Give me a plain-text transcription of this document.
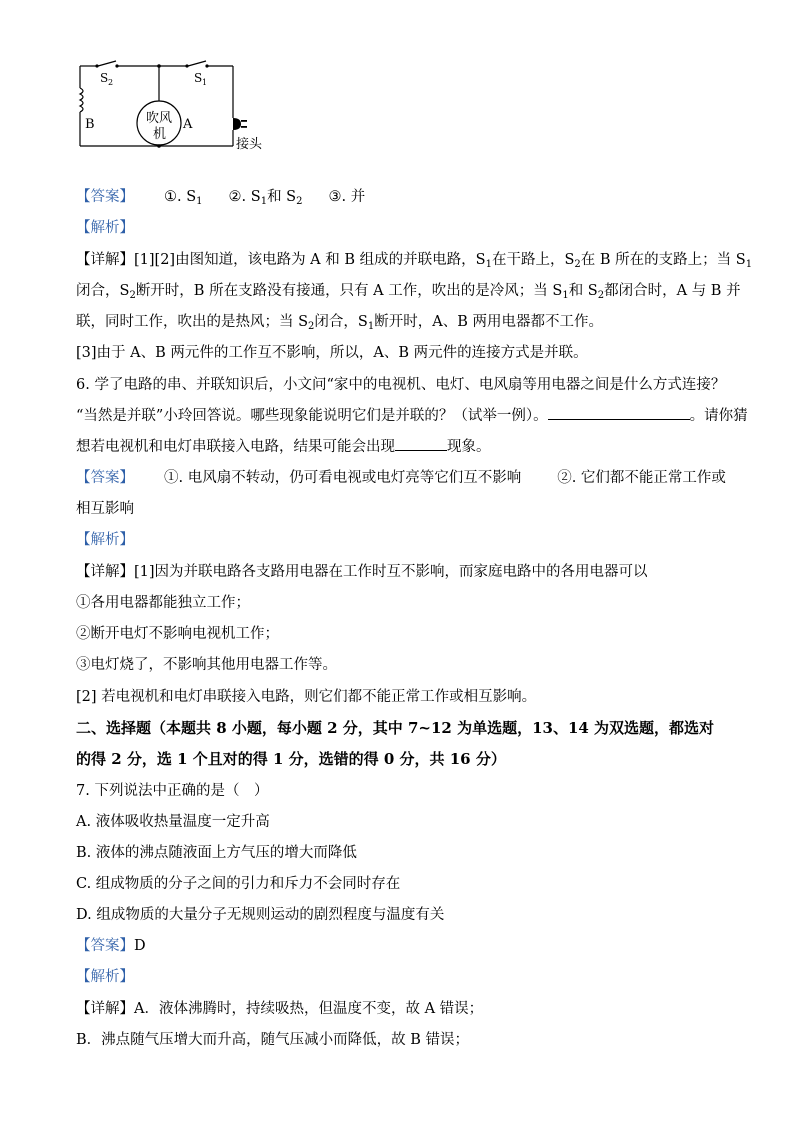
S 2	S 1
B	吹风
机
A
接头
【答案】 ①. $S_1$ ②. $S_1$和 $S_2$ ③. 并
【解析】
【详解】[1][2]由图知道，该电路为 A 和 B 组成的并联电路，$S_1$在干路上，$S_2$在 B 所在的支路上；当 $S_1$
闭合，$S_2$断开时，B 所在支路没有接通，只有 A 工作，吹出的是冷风；当 $S_1$和 $S_2$都闭合时，A 与 B 并
联，同时工作，吹出的是热风；当 $S_2$闭合，$S_1$断开时，A、B 两用电器都不工作。
[3]由于 A、B 两元件的工作互不影响，所以，A、B 两元件的连接方式是并联。
6. 学了电路的串、并联知识后，小文问“家中的电视机、电灯、电风扇等用电器之间是什么方式连接？
“当然是并联”小玲回答说。哪些现象能说明它们是并联的？（试举一例）。	。请你猜
想若电视机和电灯串联接入电路，结果可能会出现	现象。
【答案】 ①. 电风扇不转动，仍可看电视或电灯亮等它们互不影响 ②. 它们都不能正常工作或
相互影响
【解析】
【详解】[1]因为并联电路各支路用电器在工作时互不影响，而家庭电路中的各用电器可以
①各用电器都能独立工作；
②断开电灯不影响电视机工作；
③电灯烧了，不影响其他用电器工作等。
[2] 若电视机和电灯串联接入电路，则它们都不能正常工作或相互影响。
二、选择题（本题共 8 小题，每小题 2 分，其中 7~12 为单选题，13、14 为双选题，都选对
的得 2 分，选 1 个且对的得 1 分，选错的得 0 分，共 16 分）
7. 下列说法中正确的是（　）
A. 液体吸收热量温度一定升高
B. 液体的沸点随液面上方气压的增大而降低
C. 组成物质的分子之间的引力和斥力不会同时存在
D. 组成物质的大量分子无规则运动的剧烈程度与温度有关
【答案】D
【解析】
【详解】A．液体沸腾时，持续吸热，但温度不变，故 A 错误；
B．沸点随气压增大而升高，随气压减小而降低，故 B 错误；
